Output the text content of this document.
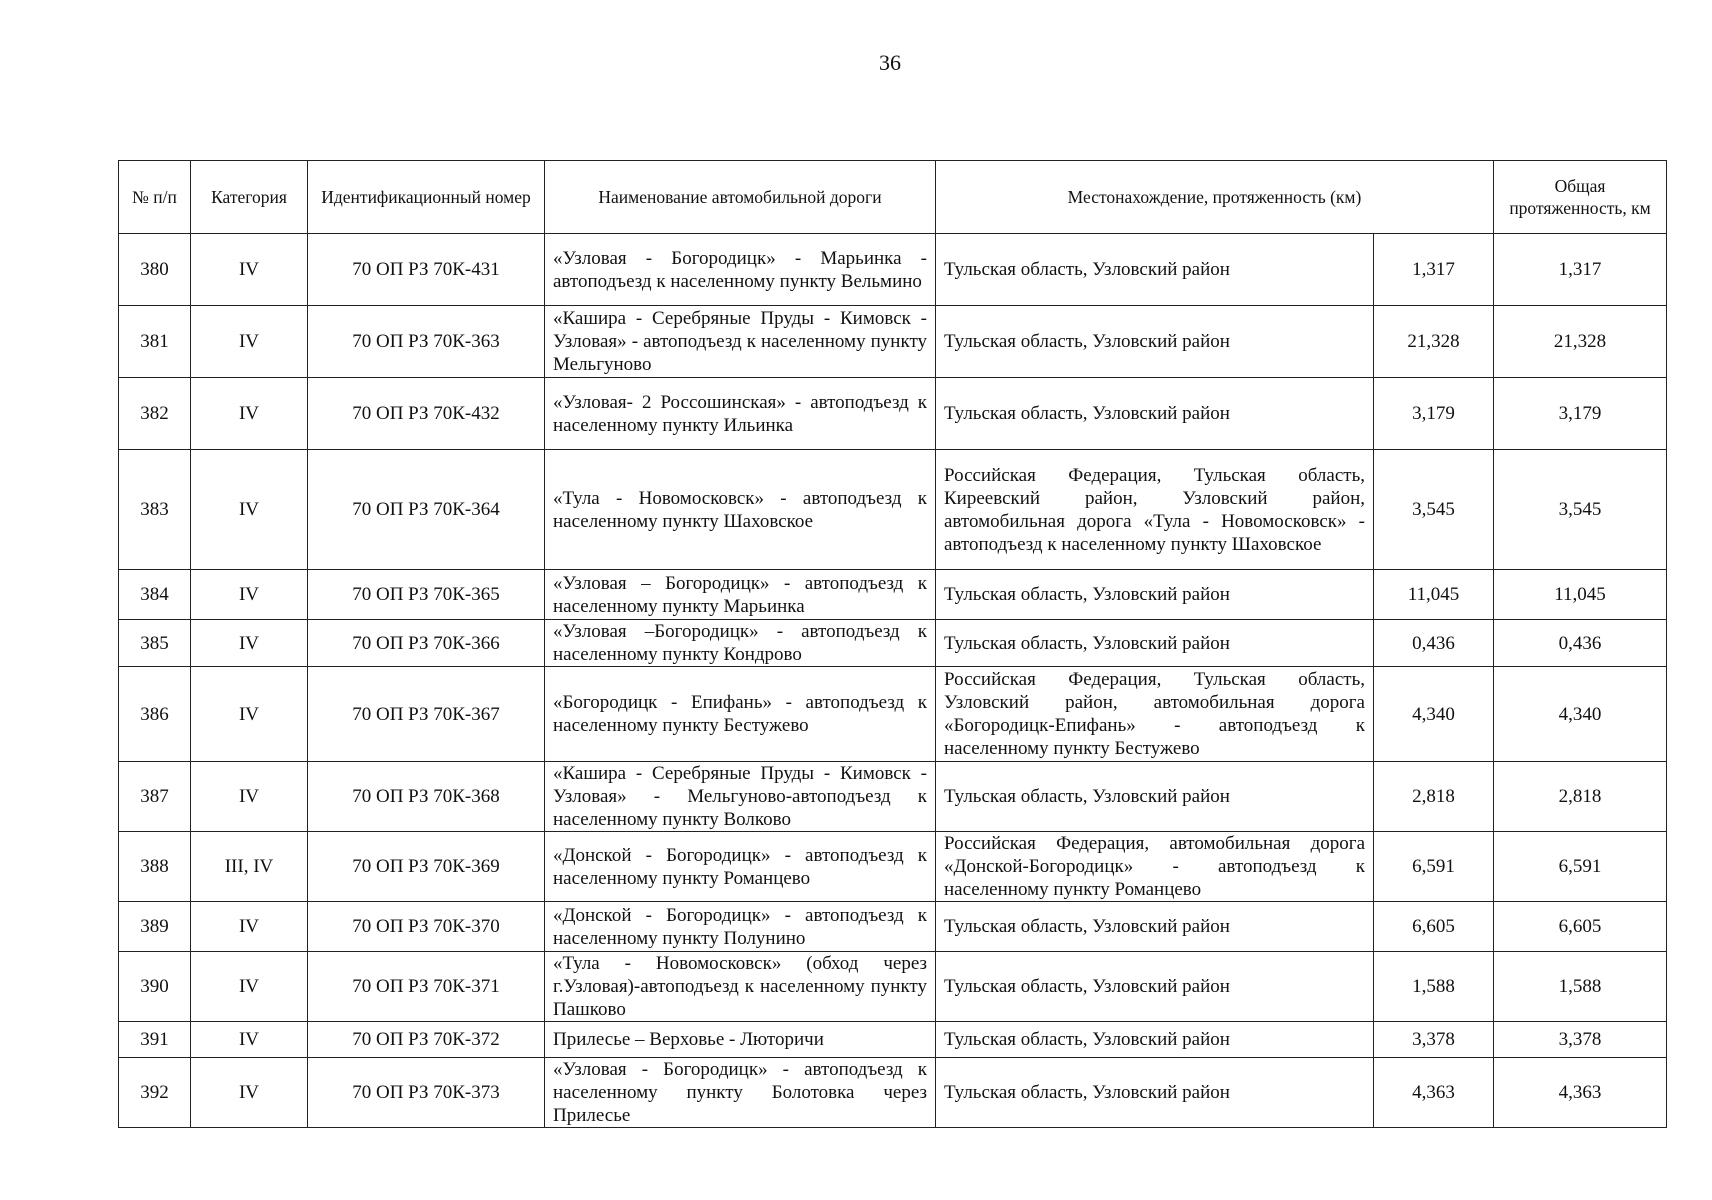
36
№ п/п	Категория	Идентификационный номер	Наименование автомобильной дороги	Местонахождение, протяженность (км)		Общая протяженность, км
380	IV	70 ОП РЗ 70К-431	«Узловая - Богородицк» - Марьинка - автоподъезд к населенному пункту Вельмино	Тульская область, Узловский район	1,317	1,317
381	IV	70 ОП РЗ 70К-363	«Кашира - Серебряные Пруды - Кимовск - Узловая» - автоподъезд к населенному пункту Мельгуново	Тульская область, Узловский район	21,328	21,328
382	IV	70 ОП РЗ 70К-432	«Узловая- 2 Россошинская» - автоподъезд к населенному пункту Ильинка	Тульская область, Узловский район	3,179	3,179
383	IV	70 ОП РЗ 70К-364	«Тула - Новомосковск» - автоподъезд к населенному пункту Шаховское	Российская Федерация, Тульская область, Киреевский район, Узловский район, автомобильная дорога «Тула - Новомосковск» - автоподъезд к населенному пункту Шаховское	3,545	3,545
384	IV	70 ОП РЗ 70К-365	«Узловая – Богородицк» - автоподъезд к населенному пункту Марьинка	Тульская область, Узловский район	11,045	11,045
385	IV	70 ОП РЗ 70К-366	«Узловая –Богородицк» - автоподъезд к населенному пункту Кондрово	Тульская область, Узловский район	0,436	0,436
386	IV	70 ОП РЗ 70К-367	«Богородицк - Епифань» - автоподъезд к населенному пункту Бестужево	Российская Федерация, Тульская область, Узловский район, автомобильная дорога «Богородицк-Епифань» - автоподъезд к населенному пункту Бестужево	4,340	4,340
387	IV	70 ОП РЗ 70К-368	«Кашира - Серебряные Пруды - Кимовск - Узловая» - Мельгуново-автоподъезд к населенному пункту Волково	Тульская область, Узловский район	2,818	2,818
388	III, IV	70 ОП РЗ 70К-369	«Донской - Богородицк» - автоподъезд к населенному пункту Романцево	Российская Федерация, автомобильная дорога «Донской-Богородицк» - автоподъезд к населенному пункту Романцево	6,591	6,591
389	IV	70 ОП РЗ 70К-370	«Донской - Богородицк» - автоподъезд к населенному пункту Полунино	Тульская область, Узловский район	6,605	6,605
390	IV	70 ОП РЗ 70К-371	«Тула - Новомосковск» (обход через г.Узловая)-автоподъезд к населенному пункту Пашково	Тульская область, Узловский район	1,588	1,588
391	IV	70 ОП РЗ 70К-372	Прилесье – Верховье - Люторичи	Тульская область, Узловский район	3,378	3,378
392	IV	70 ОП РЗ 70К-373	«Узловая - Богородицк» - автоподъезд к населенному пункту Болотовка через Прилесье	Тульская область, Узловский район	4,363	4,363
